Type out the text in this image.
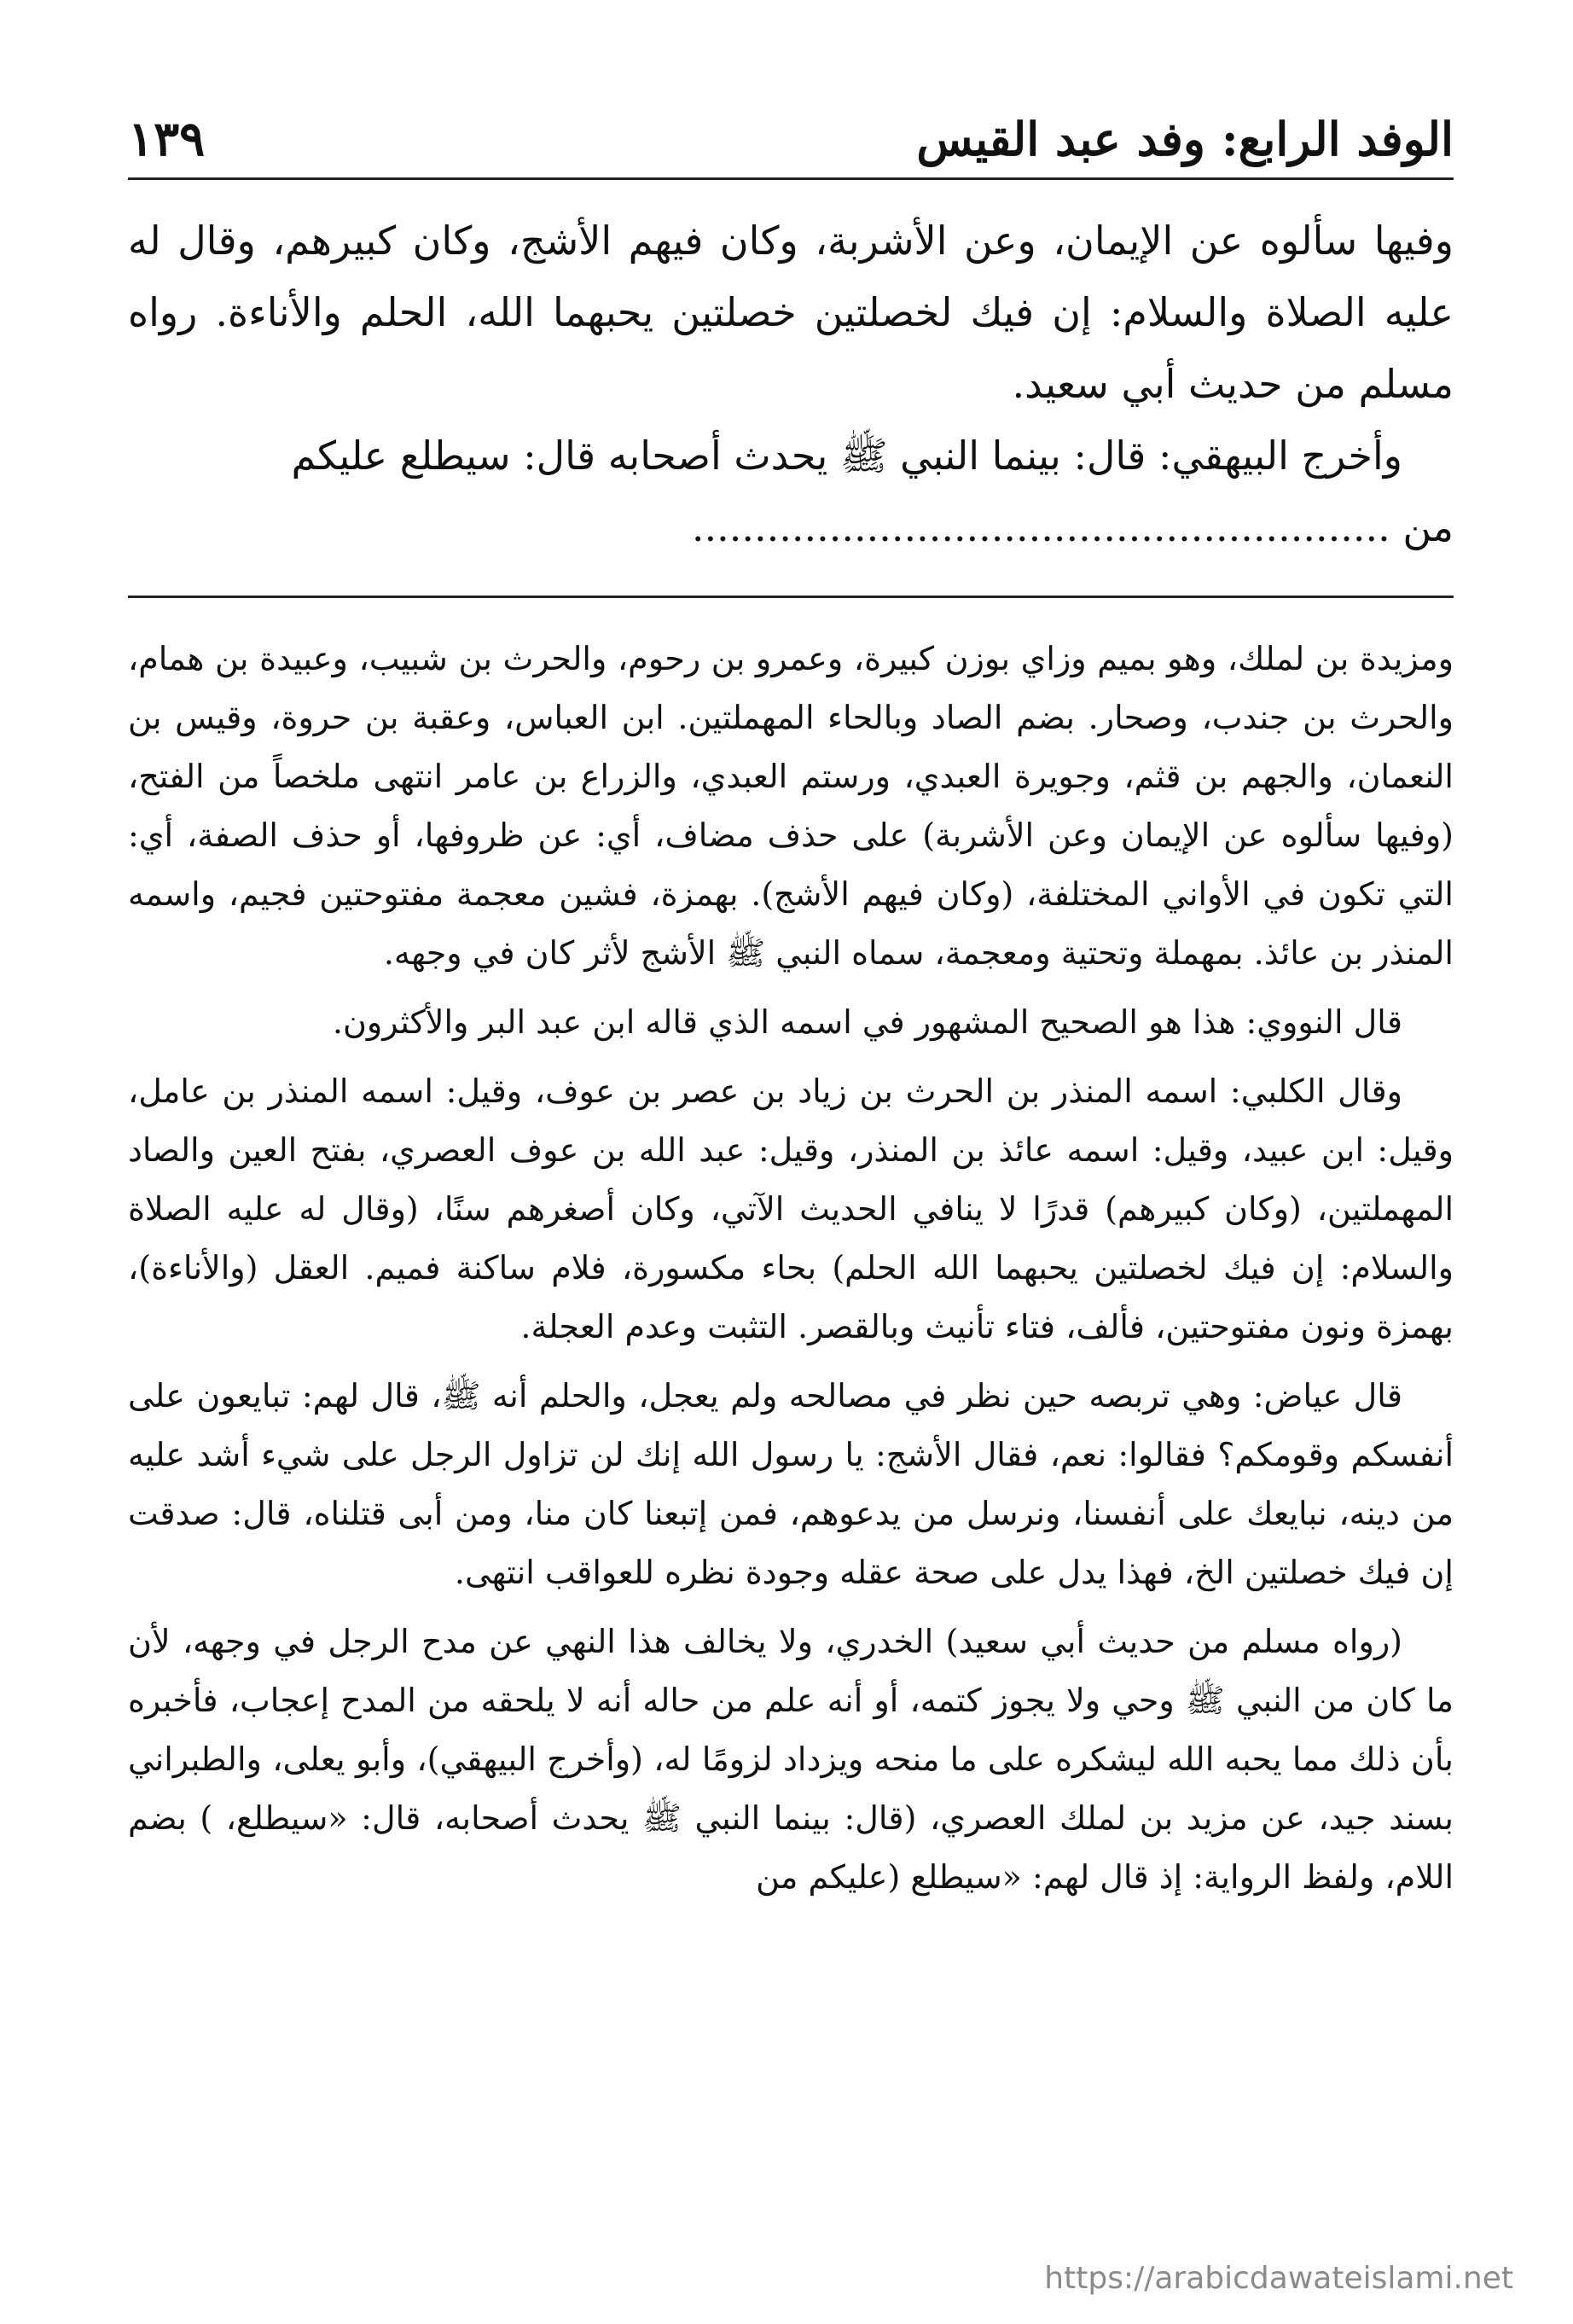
الوفد الرابع: وفد عبد القيس
١٣٩

وفيها سألوه عن الإيمان، وعن الأشربة، وكان فيهم الأشج، وكان كبيرهم، وقال له عليه الصلاة والسلام: إن فيك لخصلتين خصلتين يحبهما الله، الحلم والأناءة. رواه مسلم من حديث أبي سعيد.

وأخرج البيهقي: قال: بينما النبي ﷺ يحدث أصحابه قال: سيطلع عليكم

من ........................................................

ومزيدة بن لملك، وهو بميم وزاي بوزن كبيرة، وعمرو بن رحوم، والحرث بن شبيب، وعبيدة بن همام، والحرث بن جندب، وصحار. بضم الصاد وبالحاء المهملتين. ابن العباس، وعقبة بن حروة، وقيس بن النعمان، والجهم بن قثم، وجويرة العبدي، ورستم العبدي، والزراع بن عامر انتهى ملخصاً من الفتح، (وفيها سألوه عن الإيمان وعن الأشربة) على حذف مضاف، أي: عن ظروفها، أو حذف الصفة، أي: التي تكون في الأواني المختلفة، (وكان فيهم الأشج). بهمزة، فشين معجمة مفتوحتين فجيم، واسمه المنذر بن عائذ. بمهملة وتحتية ومعجمة، سماه النبي ﷺ الأشج لأثر كان في وجهه.

قال النووي: هذا هو الصحيح المشهور في اسمه الذي قاله ابن عبد البر والأكثرون.

وقال الكلبي: اسمه المنذر بن الحرث بن زياد بن عصر بن عوف، وقيل: اسمه المنذر بن عامل، وقيل: ابن عبيد، وقيل: اسمه عائذ بن المنذر، وقيل: عبد الله بن عوف العصري، بفتح العين والصاد المهملتين، (وكان كبيرهم) قدرًا لا ينافي الحديث الآتي، وكان أصغرهم سنًا، (وقال له عليه الصلاة والسلام: إن فيك لخصلتين يحبهما الله الحلم) بحاء مكسورة، فلام ساكنة فميم. العقل (والأناءة)، بهمزة ونون مفتوحتين، فألف، فتاء تأنيث وبالقصر. التثبت وعدم العجلة.

قال عياض: وهي تربصه حين نظر في مصالحه ولم يعجل، والحلم أنه ﷺ، قال لهم: تبايعون على أنفسكم وقومكم؟ فقالوا: نعم، فقال الأشج: يا رسول الله إنك لن تزاول الرجل على شيء أشد عليه من دينه، نبايعك على أنفسنا، ونرسل من يدعوهم، فمن إتبعنا كان منا، ومن أبى قتلناه، قال: صدقت إن فيك خصلتين الخ، فهذا يدل على صحة عقله وجودة نظره للعواقب انتهى.

(رواه مسلم من حديث أبي سعيد) الخدري، ولا يخالف هذا النهي عن مدح الرجل في وجهه، لأن ما كان من النبي ﷺ وحي ولا يجوز كتمه، أو أنه علم من حاله أنه لا يلحقه من المدح إعجاب، فأخبره بأن ذلك مما يحبه الله ليشكره على ما منحه ويزداد لزومًا له، (وأخرج البيهقي)، وأبو يعلى، والطبراني بسند جيد، عن مزيد بن لملك العصري، (قال: بينما النبي ﷺ يحدث أصحابه، قال: «سيطلع، ) بضم اللام، ولفظ الرواية: إذ قال لهم: «سيطلع (عليكم من

https://arabicdawateislami.net
